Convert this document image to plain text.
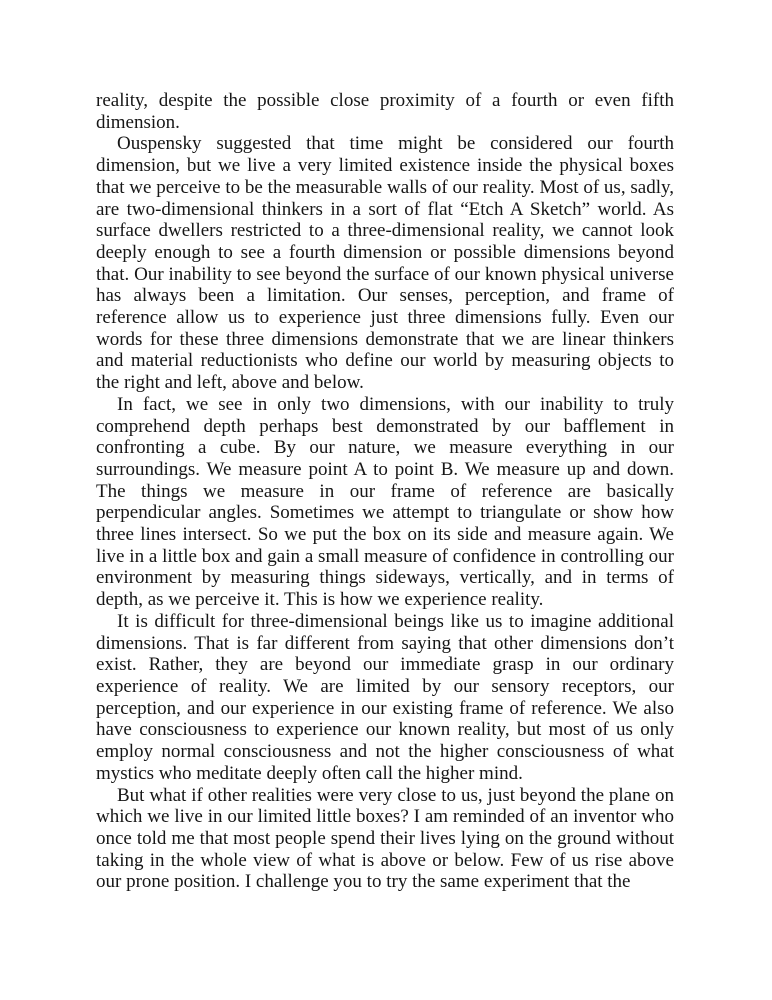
reality, despite the possible close proximity of a fourth or even fifth dimension.

Ouspensky suggested that time might be considered our fourth dimension, but we live a very limited existence inside the physical boxes that we perceive to be the measurable walls of our reality. Most of us, sadly, are two-dimensional thinkers in a sort of flat “Etch A Sketch” world. As surface dwellers restricted to a three-dimensional reality, we cannot look deeply enough to see a fourth dimension or possible dimensions beyond that. Our inability to see beyond the surface of our known physical universe has always been a limitation. Our senses, perception, and frame of reference allow us to experience just three dimensions fully. Even our words for these three dimensions demonstrate that we are linear thinkers and material reductionists who define our world by measuring objects to the right and left, above and below.

In fact, we see in only two dimensions, with our inability to truly comprehend depth perhaps best demonstrated by our bafflement in confronting a cube. By our nature, we measure everything in our surroundings. We measure point A to point B. We measure up and down. The things we measure in our frame of reference are basically perpendicular angles. Sometimes we attempt to triangulate or show how three lines intersect. So we put the box on its side and measure again. We live in a little box and gain a small measure of confidence in controlling our environment by measuring things sideways, vertically, and in terms of depth, as we perceive it. This is how we experience reality.

It is difficult for three-dimensional beings like us to imagine additional dimensions. That is far different from saying that other dimensions don’t exist. Rather, they are beyond our immediate grasp in our ordinary experience of reality. We are limited by our sensory receptors, our perception, and our experience in our existing frame of reference. We also have consciousness to experience our known reality, but most of us only employ normal consciousness and not the higher consciousness of what mystics who meditate deeply often call the higher mind.

But what if other realities were very close to us, just beyond the plane on which we live in our limited little boxes? I am reminded of an inventor who once told me that most people spend their lives lying on the ground without taking in the whole view of what is above or below. Few of us rise above our prone position. I challenge you to try the same experiment that the
